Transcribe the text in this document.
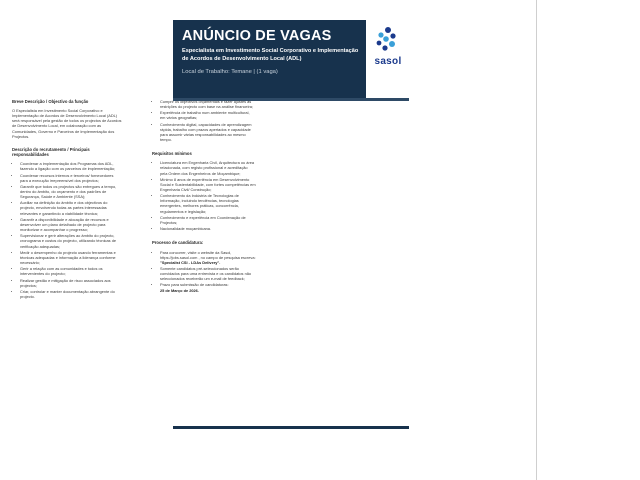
ANÚNCIO DE VAGAS
Especialista em Investimento Social Corporativo e Implementação de Acordos de Desenvolvimento Local (ADL)
Local de Trabalho: Temane | (1 vaga)
sasol
Breve Descrição / Objectivo da função
O Especialista em Investimento Social Corporativo e Implementação de Acordos de Desenvolvimento Local (ADL) será responsável pela gestão de todos os projectos de Acordos de Desenvolvimento Local, em colaboração com as Comunidades, Governo e Parceiros de Implementação dos Projectos.
Descrição do recrutamento / Principais responsabilidades
• Coordenar a implementação dos Programas dos ADL, fazendo a ligação com os parceiros de implementação;
• Coordenar recursos internos e terceiros/ fornecedores para a execução irrepreensível dos projectos;
• Garantir que todos os projectos são entregues a tempo, dentro do âmbito, do orçamento e dos padrões de Segurança, Saúde e Ambiente (SSA);
• Auxiliar na definição do âmbito e dos objectivos do projecto, envolvendo todas as partes interessadas relevantes e garantindo a viabilidade técnica;
• Garantir a disponibilidade e alocação de recursos e desenvolver um plano detalhado de projecto para monitorizar e acompanhar o progresso;
• Supervisionar e gerir alterações ao âmbito do projecto, cronograma e custos do projecto, utilizando técnicas de verificação adequadas;
• Medir o desempenho do projecto usando ferramentas e técnicas adequadas e informação a liderança conforme necessário;
• Gerir a relação com as comunidades e todos os intervenientes do projecto;
• Realizar gestão e mitigação de risco associados aos projectos;
• Criar, controlar e manter documentação abrangente do projecto.
• Cumprir os objectivos orçamentais e fazer ajustes às restrições do projecto com base na análise financeira;
• Experiência de trabalho num ambiente multicultural, em vários geografias;
• Conhecimento digital, capacidades de aprendizagem rápida, trabalho com prazos apertados e capacidade para assumir várias responsabilidades ao mesmo tempo.
Requisitos mínimos
• Licenciatura em Engenharia Civil, Arquitectura ou área relacionada, com registo profissional e acreditação pela Ordem dos Engenheiros de Moçambique;
• Mínimo 8 anos de experiência em Desenvolvimento Social e Sustentabilidade, com fortes competências em Engenharia Civil/ Construção;
• Conhecimento da Indústria de Tecnologias de Informação, incluindo tendências, tecnologias emergentes, melhores práticas, concorrência, regulamentos e legislação;
• Conhecimento e experiência em Coordenação de Projectos;
• Nacionalidade moçambicana.
Processo de candidatura:
• Para concorrer, visite o website da Sasol, https://jobs.sasol.com , no campo de pesquisa escreva: "Specialist CSI - LDAs Delivery".
• Somente candidatos pré-seleccionados serão convidados para uma entrevista e os candidatos não seleccionados receberão um e-mail de feedback;
• Prazo para submissão de candidaturas:
25 de Março de 2026.
